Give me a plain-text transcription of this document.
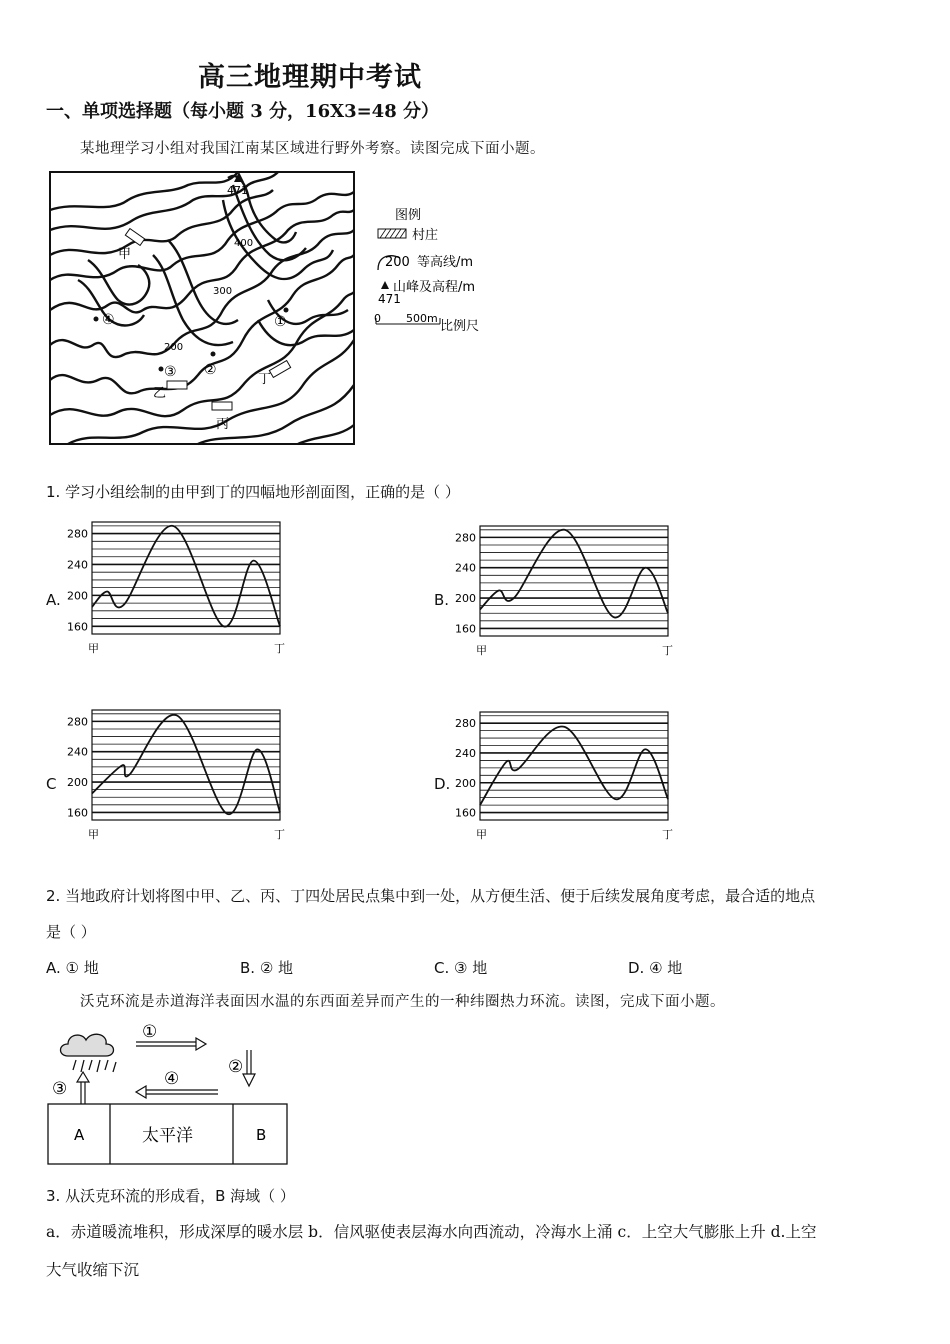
高三地理期中考试
一、单项选择题（每小题 3 分，16X3=48 分）
某地理学习小组对我国江南某区域进行野外考察。读图完成下面小题。
471
400
300
200
甲
乙
丙
丁
①
②
③
④
图例
村庄
200 等高线/m
山峰及高程/m
471
0 500m
比例尺
1. 学习小组绘制的由甲到丁的四幅地形剖面图，正确的是（ ）
A.	B.
C	D.
280
240
200
160
甲	丁
280
240
200
160
甲	丁
280
240
200
160
甲	丁
280
240
200
160
甲	丁
2. 当地政府计划将图中甲、乙、丙、丁四处居民点集中到一处，从方便生活、便于后续发展角度考虑，最合适的地点
是（ ）
A. ① 地	B. ② 地	C. ③ 地	D. ④ 地
沃克环流是赤道海洋表面因水温的东西面差异而产生的一种纬圈热力环流。读图，完成下面小题。
①
②
④
③
A	太平洋	B
3. 从沃克环流的形成看，B 海域（ ）
a．赤道暖流堆积，形成深厚的暖水层 b．信风驱使表层海水向西流动，冷海水上涌 c．上空大气膨胀上升 d.上空
大气收缩下沉
